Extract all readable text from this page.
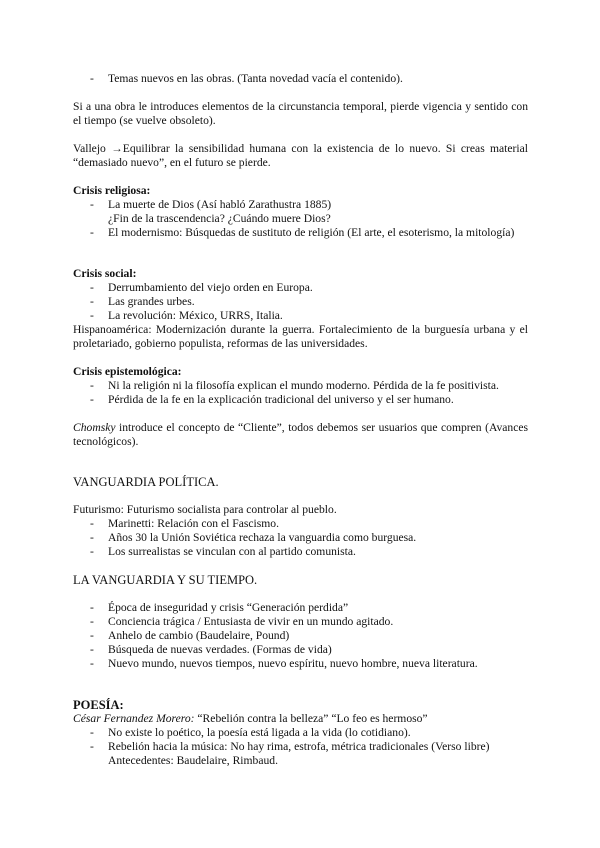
- Temas nuevos en las obras. (Tanta novedad vacía el contenido).
Si a una obra le introduces elementos de la circunstancia temporal, pierde vigencia y sentido con el tiempo (se vuelve obsoleto).
Vallejo →Equilibrar la sensibilidad humana con la existencia de lo nuevo. Si creas material “demasiado nuevo”, en el futuro se pierde.
Crisis religiosa:
- La muerte de Dios (Así habló Zarathustra 1885)
¿Fin de la trascendencia? ¿Cuándo muere Dios?
- El modernismo: Búsquedas de sustituto de religión (El arte, el esoterismo, la mitología)
Crisis social:
- Derrumbamiento del viejo orden en Europa.
- Las grandes urbes.
- La revolución: México, URRS, Italia.
Hispanoamérica: Modernización durante la guerra. Fortalecimiento de la burguesía urbana y el proletariado, gobierno populista, reformas de las universidades.
Crisis epistemológica:
- Ni la religión ni la filosofía explican el mundo moderno. Pérdida de la fe positivista.
- Pérdida de la fe en la explicación tradicional del universo y el ser humano.
Chomsky introduce el concepto de “Cliente”, todos debemos ser usuarios que compren (Avances tecnológicos).
VANGUARDIA POLÍTICA.
Futurismo: Futurismo socialista para controlar al pueblo.
- Marinetti: Relación con el Fascismo.
- Años 30 la Unión Soviética rechaza la vanguardia como burguesa.
- Los surrealistas se vinculan con al partido comunista.
LA VANGUARDIA Y SU TIEMPO.
- Época de inseguridad y crisis “Generación perdida”
- Conciencia trágica / Entusiasta de vivir en un mundo agitado.
- Anhelo de cambio (Baudelaire, Pound)
- Búsqueda de nuevas verdades. (Formas de vida)
- Nuevo mundo, nuevos tiempos, nuevo espíritu, nuevo hombre, nueva literatura.
POESÍA:
César Fernandez Morero: “Rebelión contra la belleza” “Lo feo es hermoso”
- No existe lo poético, la poesía está ligada a la vida (lo cotidiano).
- Rebelión hacia la música: No hay rima, estrofa, métrica tradicionales (Verso libre)
Antecedentes: Baudelaire, Rimbaud.
